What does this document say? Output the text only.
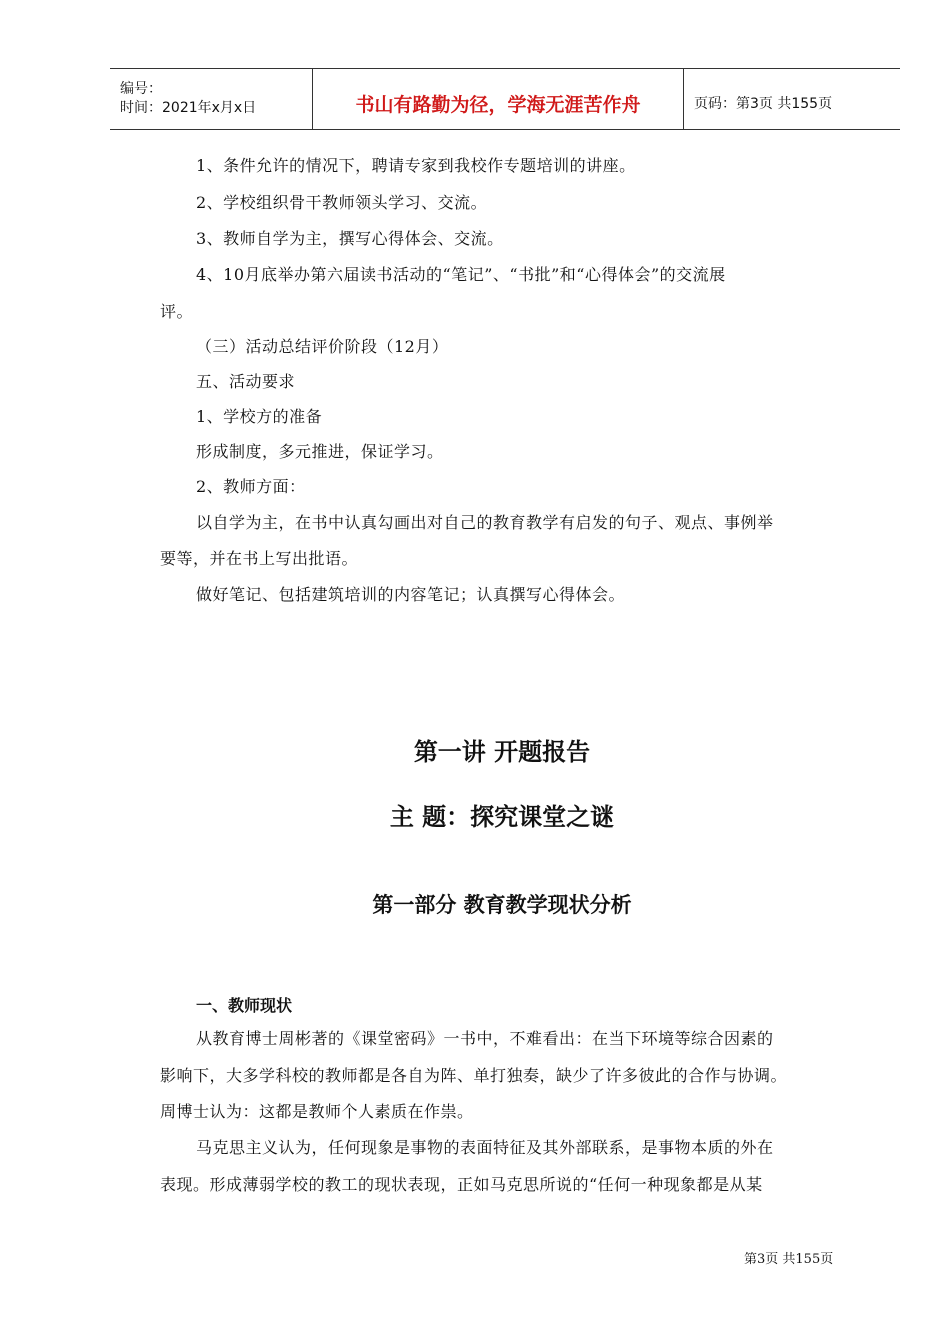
编号：
时间：2021年x月x日	书山有路勤为径，学海无涯苦作舟	页码：第3页 共155页
1、条件允许的情况下，聘请专家到我校作专题培训的讲座。
2、学校组织骨干教师领头学习、交流。
3、教师自学为主，撰写心得体会、交流。
4、10月底举办第六届读书活动的“笔记”、“书批”和“心得体会”的交流展
评。
（三）活动总结评价阶段（12月）
五、活动要求
1、学校方的准备
形成制度，多元推进，保证学习。
2、教师方面：
以自学为主，在书中认真勾画出对自己的教育教学有启发的句子、观点、事例举
要等，并在书上写出批语。
做好笔记、包括建筑培训的内容笔记；认真撰写心得体会。
第一讲 开题报告
主 题：探究课堂之谜
第一部分 教育教学现状分析
一、教师现状
从教育博士周彬著的《课堂密码》一书中，不难看出：在当下环境等综合因素的
影响下，大多学科校的教师都是各自为阵、单打独奏，缺少了许多彼此的合作与协调。
周博士认为：这都是教师个人素质在作祟。
马克思主义认为，任何现象是事物的表面特征及其外部联系，是事物本质的外在
表现。形成薄弱学校的教工的现状表现，正如马克思所说的“任何一种现象都是从某
第3页 共155页
